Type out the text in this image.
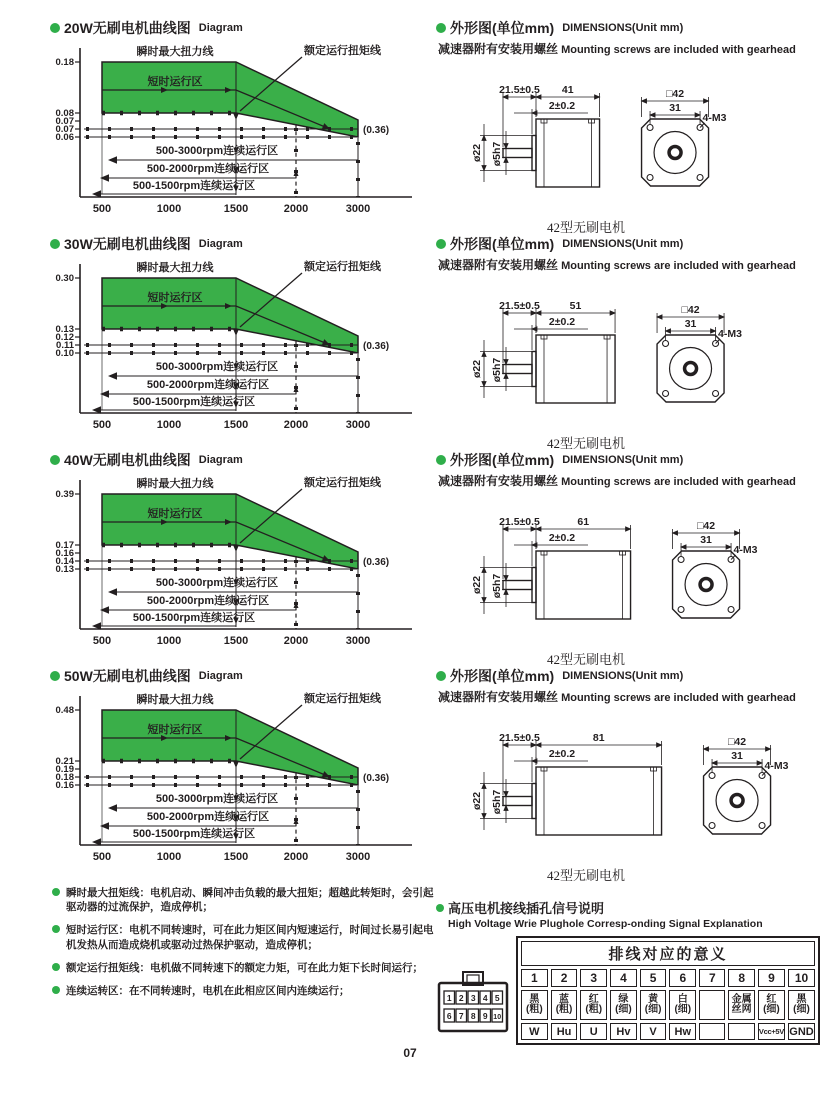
20W无刷电机曲线图 Diagram
0.18
0.08
0.07
0.07
0.06
500	1000	1500	2000	3000
瞬时最大扭力线
短时运行区
额定运行扭矩线
(0.36)
500-3000rpm连续运行区
500-2000rpm连续运行区
500-1500rpm连续运行区
30W无刷电机曲线图 Diagram
0.30
0.13
0.12
0.11
0.10
500	1000	1500	2000	3000
瞬时最大扭力线
短时运行区
额定运行扭矩线
(0.36)
500-3000rpm连续运行区
500-2000rpm连续运行区
500-1500rpm连续运行区
40W无刷电机曲线图 Diagram
0.39
0.17
0.16
0.14
0.13
500	1000	1500	2000	3000
瞬时最大扭力线
短时运行区
额定运行扭矩线
(0.36)
500-3000rpm连续运行区
500-2000rpm连续运行区
500-1500rpm连续运行区
50W无刷电机曲线图 Diagram
0.48
0.21
0.19
0.18
0.16
500	1000	1500	2000	3000
瞬时最大扭力线
短时运行区
额定运行扭矩线
(0.36)
500-3000rpm连续运行区
500-2000rpm连续运行区
500-1500rpm连续运行区
外形图(单位mm) DIMENSIONS(Unit mm)

减速器附有安装用螺丝 Mounting screws are included with gearhead

21.5±0.5 41
2±0.2
ø22 ø5h7
□42
31
4-M3
42型无刷电机
外形图(单位mm) DIMENSIONS(Unit mm)

减速器附有安装用螺丝 Mounting screws are included with gearhead

21.5±0.5	51
2±0.2
ø22 ø5h7
□42
31
4-M3
42型无刷电机
外形图(单位mm) DIMENSIONS(Unit mm)

减速器附有安装用螺丝 Mounting screws are included with gearhead

21.5±0.5	61
2±0.2
ø22 ø5h7
□42
31
4-M3
42型无刷电机
外形图(单位mm) DIMENSIONS(Unit mm)

减速器附有安装用螺丝 Mounting screws are included with gearhead

21.5±0.5	81
2±0.2
ø22 ø5h7
□42
31
4-M3
42型无刷电机

瞬时最大扭矩线：电机启动、瞬间冲击负载的最大扭矩；超越此转矩时，会引起驱动器的过流保护，造成停机；

短时运行区：电机不同转速时，可在此力矩区间内短速运行，时间过长易引起电机发热从而造成烧机或驱动过热保护驱动，造成停机；

额定运行扭矩线：电机做不同转速下的额定力矩，可在此力矩下长时间运行；

连续运转区：在不同转速时，电机在此相应区间内连续运行；

高压电机接线插孔信号说明

High Voltage Wrie Plughole Corresp-onding Signal Explanation

1 2 3 4 5
6 7 8 9 10
排线对应的意义									
1	2	3	4	5	6	7	8	9	10
黑(粗)	蓝(粗)	红(粗)	绿(细)	黄(细)	白(细)		金属丝网	红(细)	黑(细)
W	Hu	U	Hv	V	Hw			Vcc+5V	GND
07
